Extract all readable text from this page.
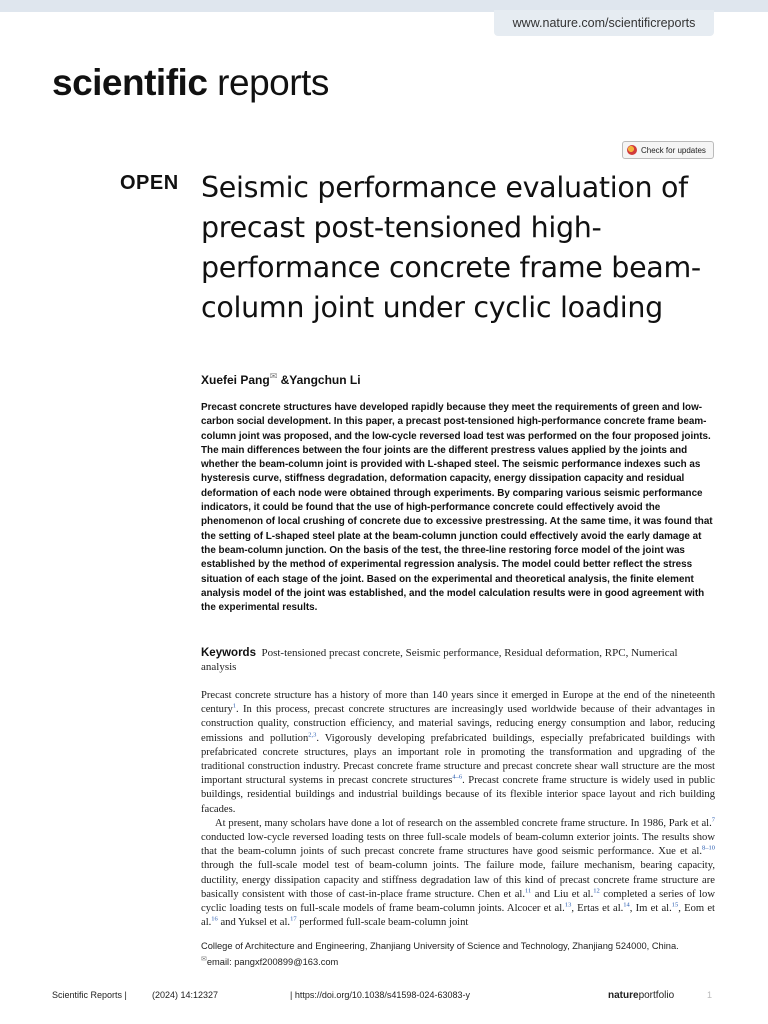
www.nature.com/scientificreports
scientific reports
Check for updates
OPEN Seismic performance evaluation of precast post-tensioned high-performance concrete frame beam-column joint under cyclic loading
Xuefei Pang✉ &Yangchun Li

Precast concrete structures have developed rapidly because they meet the requirements of green and low-carbon social development. In this paper, a precast post-tensioned high-performance concrete frame beam-column joint was proposed, and the low-cycle reversed load test was performed on the four proposed joints. The main differences between the four joints are the different prestress values applied by the joints and whether the beam-column joint is provided with L-shaped steel. The seismic performance indexes such as hysteresis curve, stiffness degradation, deformation capacity, energy dissipation capacity and residual deformation of each node were obtained through experiments. By comparing various seismic performance indicators, it could be found that the use of high-performance concrete could effectively avoid the phenomenon of local crushing of concrete due to excessive prestressing. At the same time, it was found that the setting of L-shaped steel plate at the beam-column junction could effectively avoid the early damage at the beam-column junction. On the basis of the test, the three-line restoring force model of the joint was established by the method of experimental regression analysis. The model could better reflect the stress situation of each stage of the joint. Based on the experimental and theoretical analysis, the finite element analysis model of the joint was established, and the model calculation results were in good agreement with the experimental results.

Keywords Post-tensioned precast concrete, Seismic performance, Residual deformation, RPC, Numerical analysis

Precast concrete structure has a history of more than 140 years since it emerged in Europe at the end of the nineteenth century$^1$. In this process, precast concrete structures are increasingly used worldwide because of their advantages in construction quality, construction efficiency, and material savings, reducing energy consumption and labor, reducing emissions and pollution$^{2,3}$. Vigorously developing prefabricated buildings, especially prefabricated buildings with prefabricated concrete structures, plays an important role in promoting the transformation and upgrading of the traditional construction industry. Precast concrete frame structure and precast concrete shear wall structure are the most important structural systems in precast concrete structures$^{4-6}$. Precast concrete frame structure is widely used in public buildings, residential buildings and industrial buildings because of its flexible interior space layout and rich building facades.

At present, many scholars have done a lot of research on the assembled concrete frame structure. In 1986, Park et al.$^7$ conducted low-cycle reversed loading tests on three full-scale models of beam-column exterior joints. The results show that the beam-column joints of such precast concrete frame structures have good seismic performance. Xue et al.$^{8-10}$ through the full-scale model test of beam-column joints. The failure mode, failure mechanism, bearing capacity, ductility, energy dissipation capacity and stiffness degradation law of this kind of precast concrete frame structure are basically consistent with those of cast-in-place frame structure. Chen et al.$^{11}$ and Liu et al.$^{12}$ completed a series of low cyclic loading tests on full-scale models of frame beam-column joints. Alcocer et al.$^{13}$, Ertas et al.$^{14}$, Im et al.$^{15}$, Eom et al.$^{16}$ and Yuksel et al.$^{17}$ performed full-scale beam-column joint

College of Architecture and Engineering, Zhanjiang University of Science and Technology, Zhanjiang 524000, China.
✉email: pangxf200899@163.com
Scientific Reports |	(2024) 14:12327	| https://doi.org/10.1038/s41598-024-63083-y	natureportfolio	1
